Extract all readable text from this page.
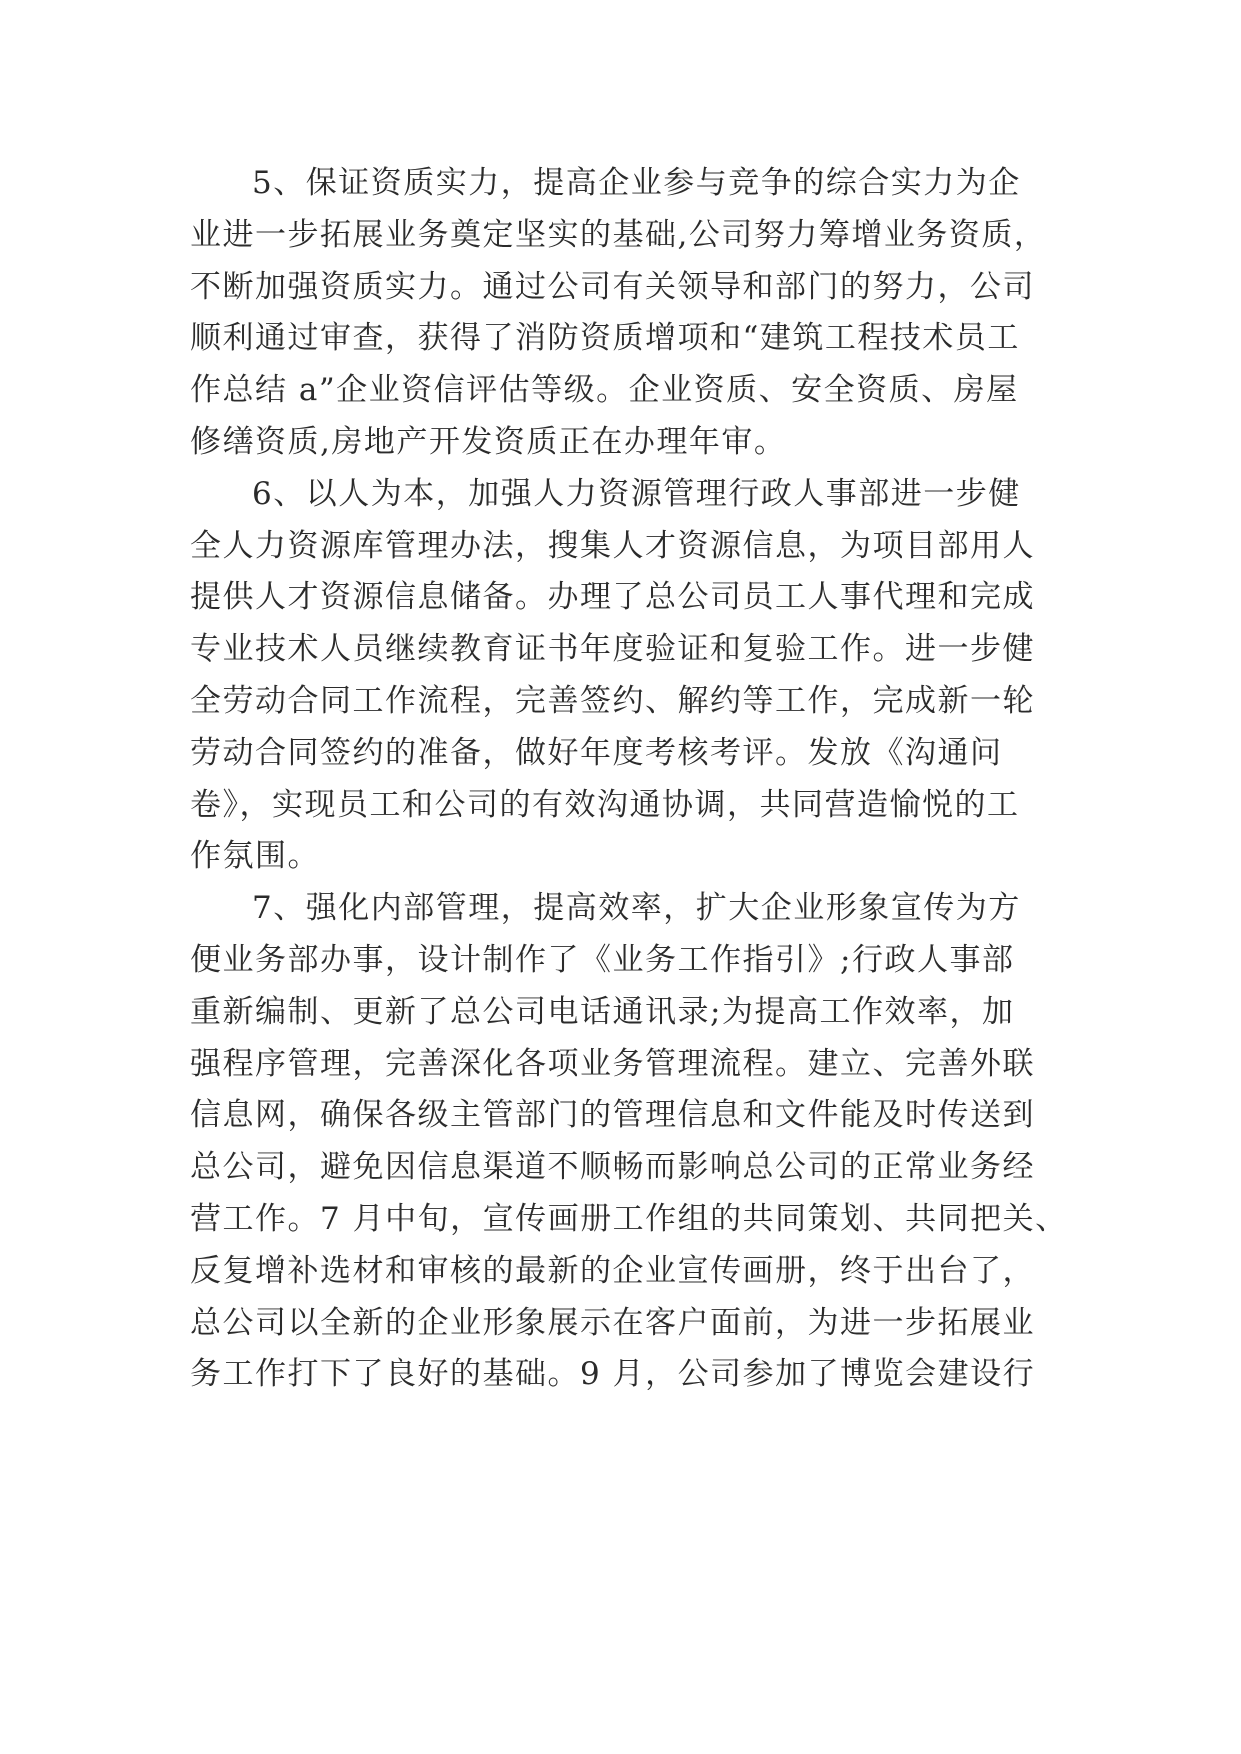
5、保证资质实力，提高企业参与竞争的综合实力为企
业进一步拓展业务奠定坚实的基础,公司努力筹增业务资质，
不断加强资质实力。通过公司有关领导和部门的努力，公司
顺利通过审查，获得了消防资质增项和“建筑工程技术员工
作总结 a”企业资信评估等级。企业资质、安全资质、房屋
修缮资质,房地产开发资质正在办理年审。
6、以人为本，加强人力资源管理行政人事部进一步健
全人力资源库管理办法，搜集人才资源信息，为项目部用人
提供人才资源信息储备。办理了总公司员工人事代理和完成
专业技术人员继续教育证书年度验证和复验工作。进一步健
全劳动合同工作流程，完善签约、解约等工作，完成新一轮
劳动合同签约的准备，做好年度考核考评。发放《沟通问
卷》，实现员工和公司的有效沟通协调，共同营造愉悦的工
作氛围。
7、强化内部管理，提高效率，扩大企业形象宣传为方
便业务部办事，设计制作了《业务工作指引》;行政人事部
重新编制、更新了总公司电话通讯录;为提高工作效率，加
强程序管理，完善深化各项业务管理流程。建立、完善外联
信息网，确保各级主管部门的管理信息和文件能及时传送到
总公司，避免因信息渠道不顺畅而影响总公司的正常业务经
营工作。7 月中旬，宣传画册工作组的共同策划、共同把关、
反复增补选材和审核的最新的企业宣传画册，终于出台了，
总公司以全新的企业形象展示在客户面前，为进一步拓展业
务工作打下了良好的基础。9 月，公司参加了博览会建设行
